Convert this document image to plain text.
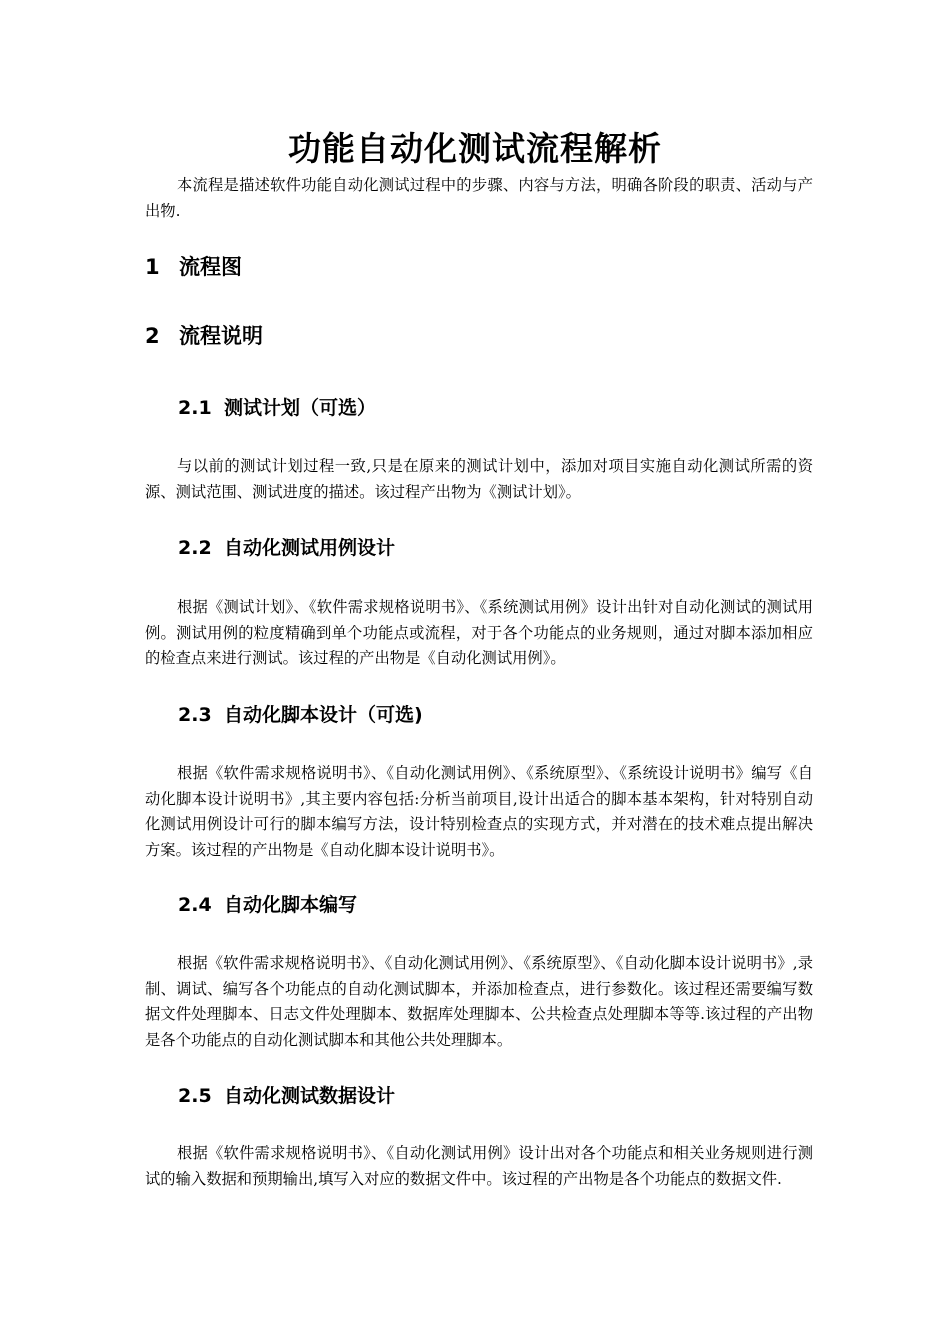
功能自动化测试流程解析

本流程是描述软件功能自动化测试过程中的步骤、内容与方法，明确各阶段的职责、活动与产出物.

1 流程图
2 流程说明
2.1 测试计划（可选）

与以前的测试计划过程一致,只是在原来的测试计划中，添加对项目实施自动化测试所需的资源、测试范围、测试进度的描述。该过程产出物为《测试计划》。

2.2 自动化测试用例设计

根据《测试计划》、《软件需求规格说明书》、《系统测试用例》设计出针对自动化测试的测试用例。测试用例的粒度精确到单个功能点或流程，对于各个功能点的业务规则，通过对脚本添加相应的检查点来进行测试。该过程的产出物是《自动化测试用例》。

2.3 自动化脚本设计（可选)

根据《软件需求规格说明书》、《自动化测试用例》、《系统原型》、《系统设计说明书》编写《自动化脚本设计说明书》,其主要内容包括:分析当前项目,设计出适合的脚本基本架构，针对特别自动化测试用例设计可行的脚本编写方法，设计特别检查点的实现方式，并对潜在的技术难点提出解决方案。该过程的产出物是《自动化脚本设计说明书》。

2.4 自动化脚本编写

根据《软件需求规格说明书》、《自动化测试用例》、《系统原型》、《自动化脚本设计说明书》,录制、调试、编写各个功能点的自动化测试脚本，并添加检查点，进行参数化。该过程还需要编写数据文件处理脚本、日志文件处理脚本、数据库处理脚本、公共检查点处理脚本等等.该过程的产出物是各个功能点的自动化测试脚本和其他公共处理脚本。

2.5 自动化测试数据设计

根据《软件需求规格说明书》、《自动化测试用例》设计出对各个功能点和相关业务规则进行测试的输入数据和预期输出,填写入对应的数据文件中。该过程的产出物是各个功能点的数据文件.
